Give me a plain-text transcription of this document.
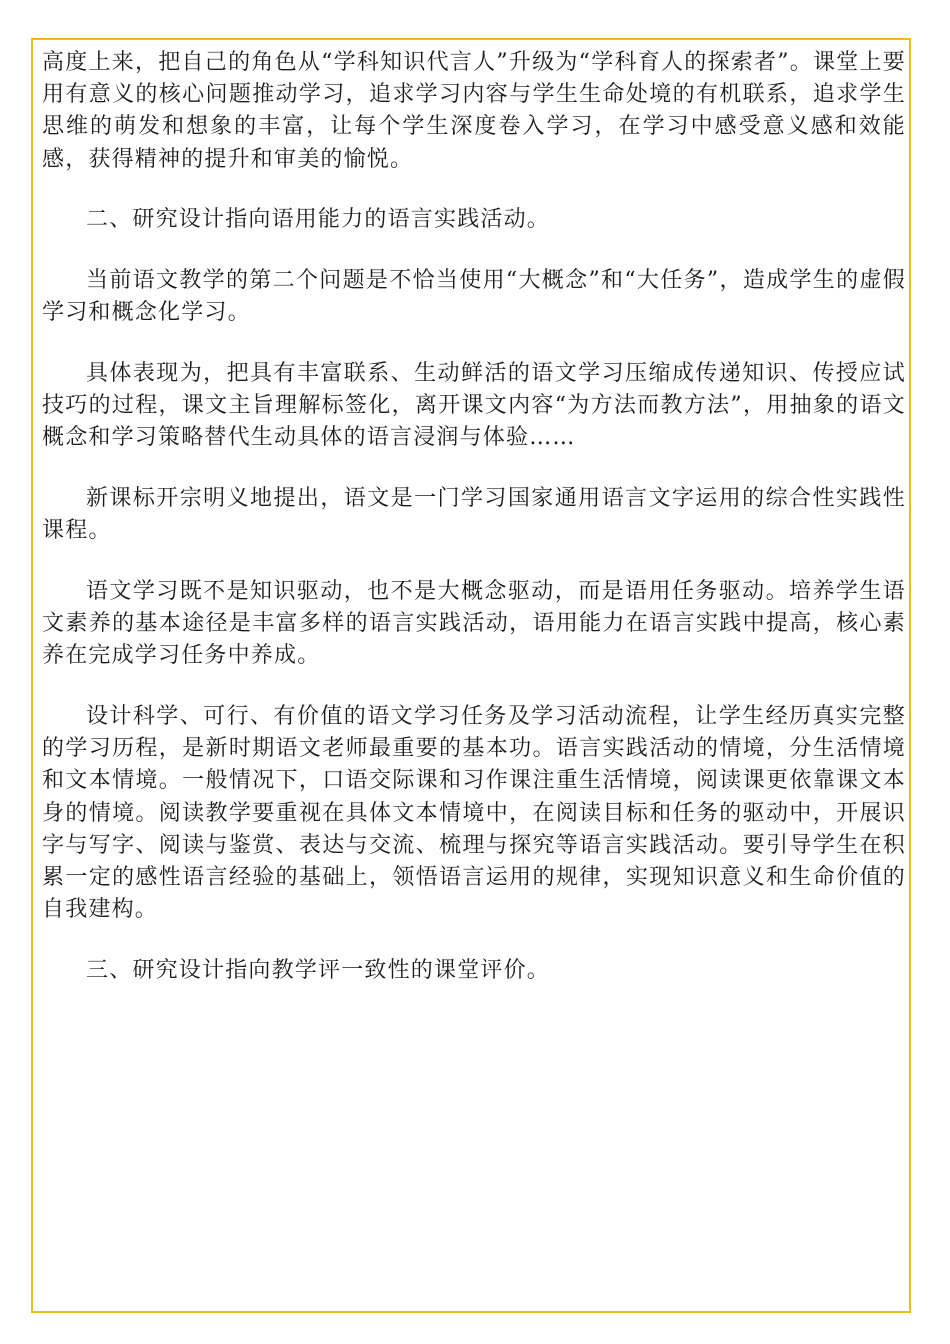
高度上来，把自己的角色从“学科知识代言人”升级为“学科育人的探索者”。课堂上要用有意义的核心问题推动学习，追求学习内容与学生生命处境的有机联系，追求学生思维的萌发和想象的丰富，让每个学生深度卷入学习，在学习中感受意义感和效能感，获得精神的提升和审美的愉悦。

二、研究设计指向语用能力的语言实践活动。

当前语文教学的第二个问题是不恰当使用“大概念”和“大任务”，造成学生的虚假学习和概念化学习。

具体表现为，把具有丰富联系、生动鲜活的语文学习压缩成传递知识、传授应试技巧的过程，课文主旨理解标签化，离开课文内容“为方法而教方法”，用抽象的语文概念和学习策略替代生动具体的语言浸润与体验……

新课标开宗明义地提出，语文是一门学习国家通用语言文字运用的综合性实践性课程。

语文学习既不是知识驱动，也不是大概念驱动，而是语用任务驱动。培养学生语文素养的基本途径是丰富多样的语言实践活动，语用能力在语言实践中提高，核心素养在完成学习任务中养成。

设计科学、可行、有价值的语文学习任务及学习活动流程，让学生经历真实完整的学习历程，是新时期语文老师最重要的基本功。语言实践活动的情境，分生活情境和文本情境。一般情况下，口语交际课和习作课注重生活情境，阅读课更依靠课文本身的情境。阅读教学要重视在具体文本情境中，在阅读目标和任务的驱动中，开展识字与写字、阅读与鉴赏、表达与交流、梳理与探究等语言实践活动。要引导学生在积累一定的感性语言经验的基础上，领悟语言运用的规律，实现知识意义和生命价值的自我建构。

三、研究设计指向教学评一致性的课堂评价。
